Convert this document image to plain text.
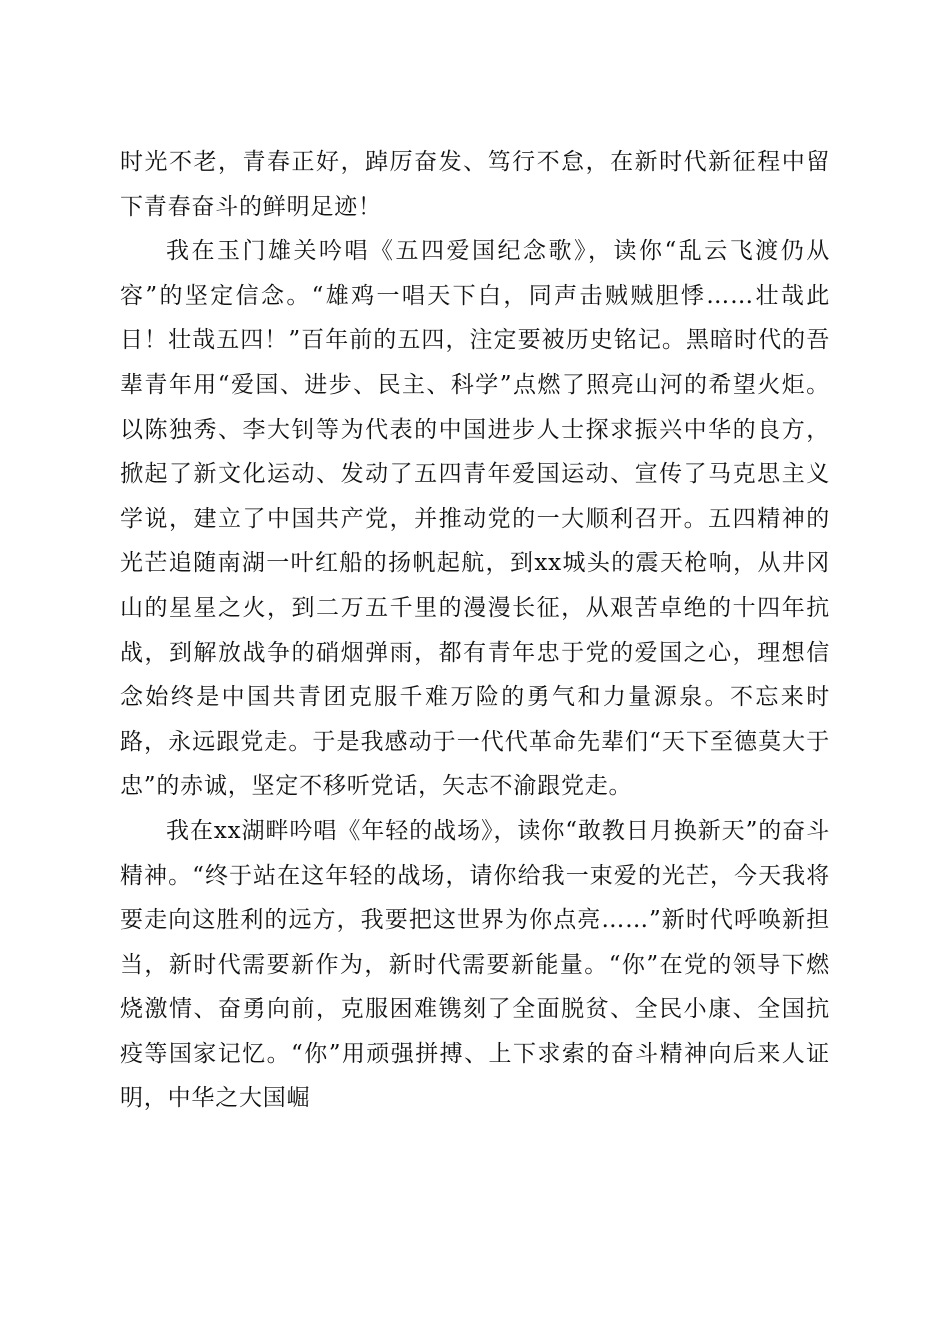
时光不老，青春正好，踔厉奋发、笃行不怠，在新时代新征程中留下青春奋斗的鲜明足迹！

我在玉门雄关吟唱《五四爱国纪念歌》，读你“乱云飞渡仍从容”的坚定信念。“雄鸡一唱天下白，同声击贼贼胆悸……壮哉此日！壮哉五四！”百年前的五四，注定要被历史铭记。黑暗时代的吾辈青年用“爱国、进步、民主、科学”点燃了照亮山河的希望火炬。以陈独秀、李大钊等为代表的中国进步人士探求振兴中华的良方，掀起了新文化运动、发动了五四青年爱国运动、宣传了马克思主义学说，建立了中国共产党，并推动党的一大顺利召开。五四精神的光芒追随南湖一叶红船的扬帆起航，到xx城头的震天枪响，从井冈山的星星之火，到二万五千里的漫漫长征，从艰苦卓绝的十四年抗战，到解放战争的硝烟弹雨，都有青年忠于党的爱国之心，理想信念始终是中国共青团克服千难万险的勇气和力量源泉。不忘来时路，永远跟党走。于是我感动于一代代革命先辈们“天下至德莫大于忠”的赤诚，坚定不移听党话，矢志不渝跟党走。

我在xx湖畔吟唱《年轻的战场》，读你“敢教日月换新天”的奋斗精神。“终于站在这年轻的战场，请你给我一束爱的光芒，今天我将要走向这胜利的远方，我要把这世界为你点亮……”新时代呼唤新担当，新时代需要新作为，新时代需要新能量。“你”在党的领导下燃烧激情、奋勇向前，克服困难镌刻了全面脱贫、全民小康、全国抗疫等国家记忆。“你”用顽强拼搏、上下求索的奋斗精神向后来人证明，中华之大国崛
